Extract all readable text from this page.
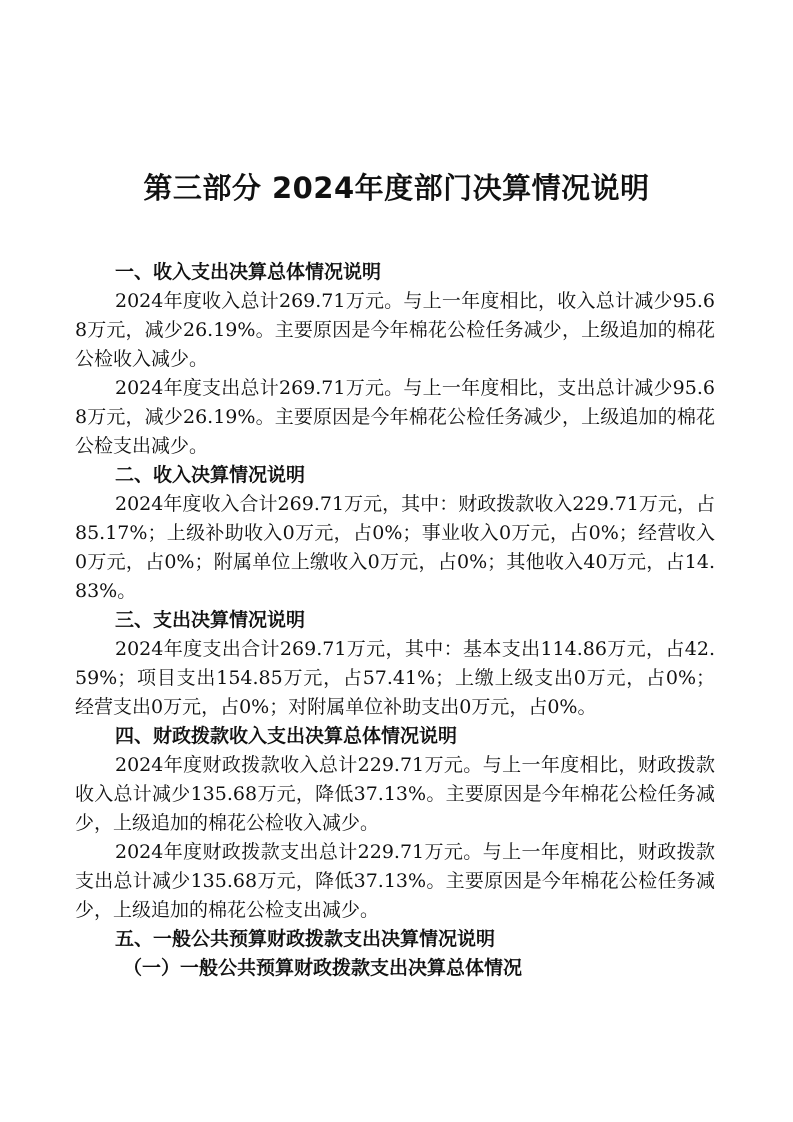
第三部分 2024年度部门决算情况说明
一、收入支出决算总体情况说明

2024年度收入总计269.71万元。与上一年度相比，收入总计减少95.68万元，减少26.19%。主要原因是今年棉花公检任务减少，上级追加的棉花公检收入减少。

2024年度支出总计269.71万元。与上一年度相比，支出总计减少95.68万元，减少26.19%。主要原因是今年棉花公检任务减少，上级追加的棉花公检支出减少。

二、收入决算情况说明

2024年度收入合计269.71万元，其中：财政拨款收入229.71万元，占85.17%；上级补助收入0万元，占0%；事业收入0万元，占0%；经营收入0万元，占0%；附属单位上缴收入0万元，占0%；其他收入40万元，占14.83%。

三、支出决算情况说明

2024年度支出合计269.71万元，其中：基本支出114.86万元，占42.59%；项目支出154.85万元，占57.41%；上缴上级支出0万元，占0%；经营支出0万元，占0%；对附属单位补助支出0万元，占0%。

四、财政拨款收入支出决算总体情况说明

2024年度财政拨款收入总计229.71万元。与上一年度相比，财政拨款收入总计减少135.68万元，降低37.13%。主要原因是今年棉花公检任务减少，上级追加的棉花公检收入减少。

2024年度财政拨款支出总计229.71万元。与上一年度相比，财政拨款支出总计减少135.68万元，降低37.13%。主要原因是今年棉花公检任务减少，上级追加的棉花公检支出减少。

五、一般公共预算财政拨款支出决算情况说明
（一）一般公共预算财政拨款支出决算总体情况
